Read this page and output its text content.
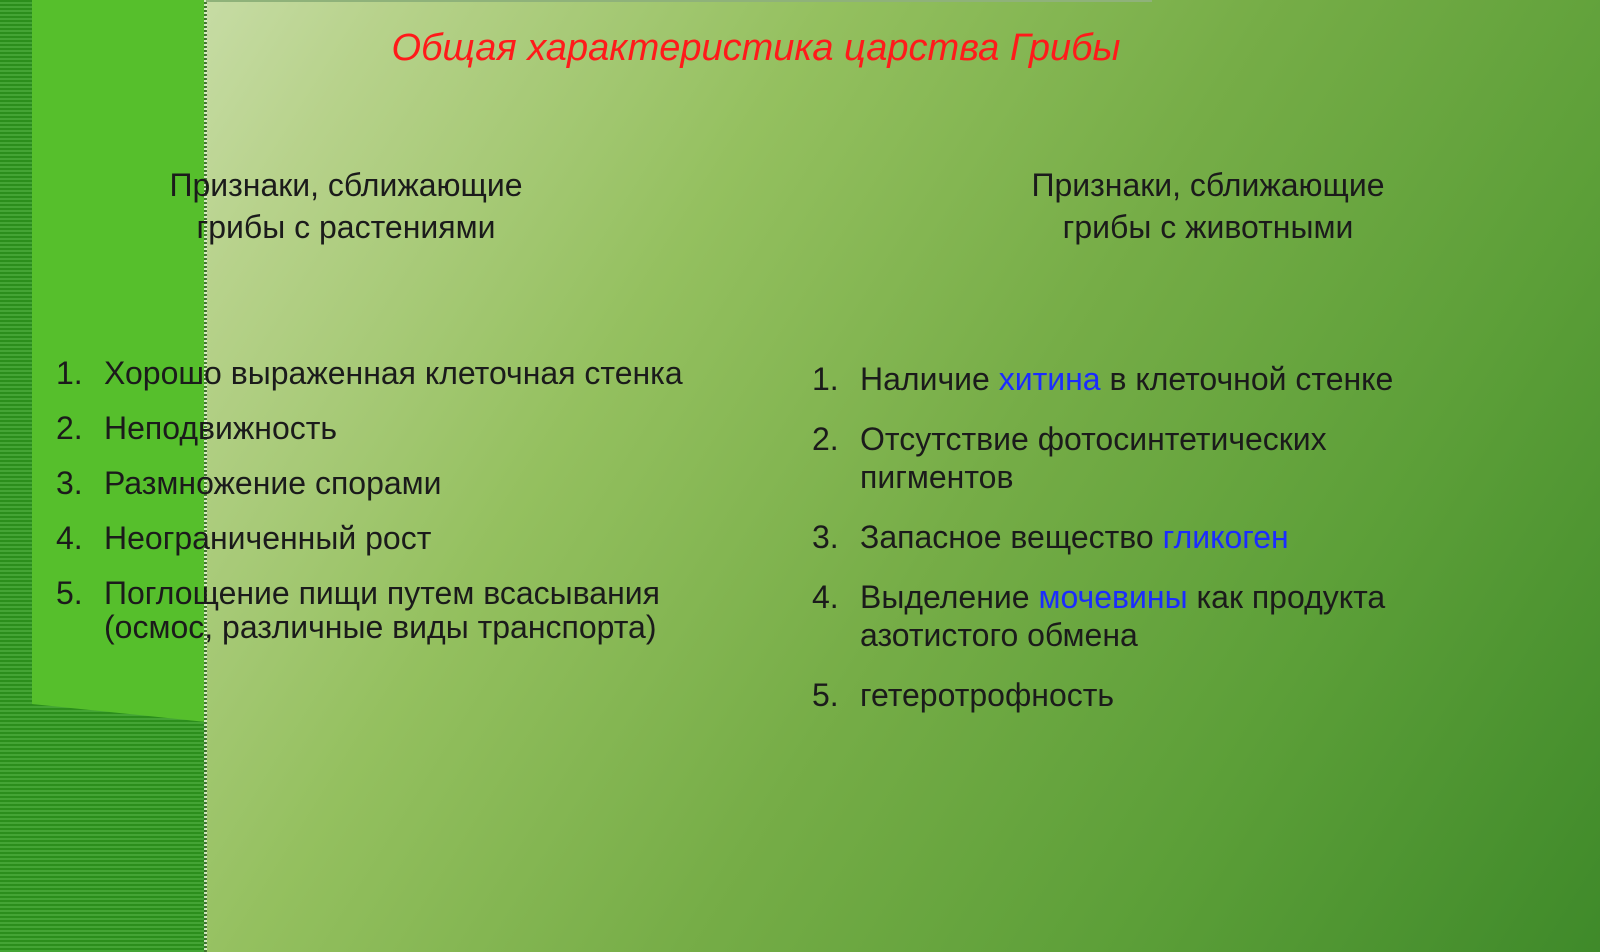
Общая характеристика царства Грибы
Признаки, сближающие
грибы с растениями
Признаки, сближающие
грибы с животными
1. Хорошо выраженная клеточная стенка
2. Неподвижность
3. Размножение спорами
4. Неограниченный рост
5. Поглощение пищи путем всасывания
(осмос, различные виды транспорта)
1. Наличие хитина в клеточной стенке
2. Отсутствие фотосинтетических
пигментов
3. Запасное вещество гликоген
4. Выделение мочевины как продукта
азотистого обмена
5. гетеротрофность
